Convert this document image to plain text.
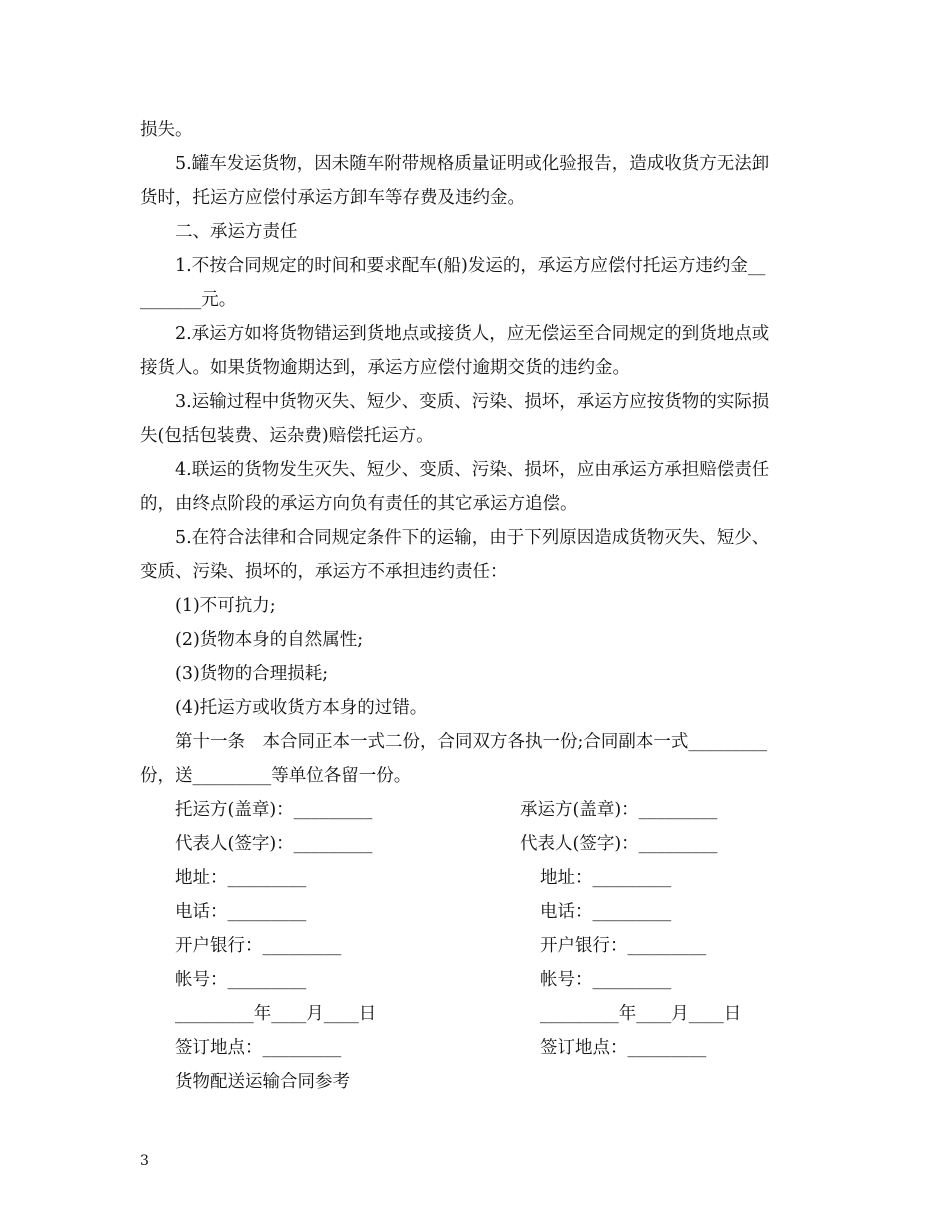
损失。

5.罐车发运货物，因未随车附带规格质量证明或化验报告，造成收货方无法卸

货时，托运方应偿付承运方卸车等存费及违约金。

二、承运方责任

1.不按合同规定的时间和要求配车(船)发运的，承运方应偿付托运方违约金__

_______元。

2.承运方如将货物错运到货地点或接货人，应无偿运至合同规定的到货地点或

接货人。如果货物逾期达到，承运方应偿付逾期交货的违约金。

3.运输过程中货物灭失、短少、变质、污染、损坏，承运方应按货物的实际损

失(包括包装费、运杂费)赔偿托运方。

4.联运的货物发生灭失、短少、变质、污染、损坏，应由承运方承担赔偿责任

的，由终点阶段的承运方向负有责任的其它承运方追偿。

5.在符合法律和合同规定条件下的运输，由于下列原因造成货物灭失、短少、

变质、污染、损坏的，承运方不承担违约责任：

(1)不可抗力;

(2)货物本身的自然属性;

(3)货物的合理损耗;

(4)托运方或收货方本身的过错。

第十一条　本合同正本一式二份，合同双方各执一份;合同副本一式_________

份，送_________等单位各留一份。

托运方(盖章)：_________

代表人(签字)：_________

地址：_________

电话：_________

开户银行：_________

帐号：_________

_________年____月____日

签订地点：_________

承运方(盖章)：_________

代表人(签字)：_________

地址：_________

电话：_________

开户银行：_________

帐号：_________

_________年____月____日

签订地点：_________

货物配送运输合同参考

3
